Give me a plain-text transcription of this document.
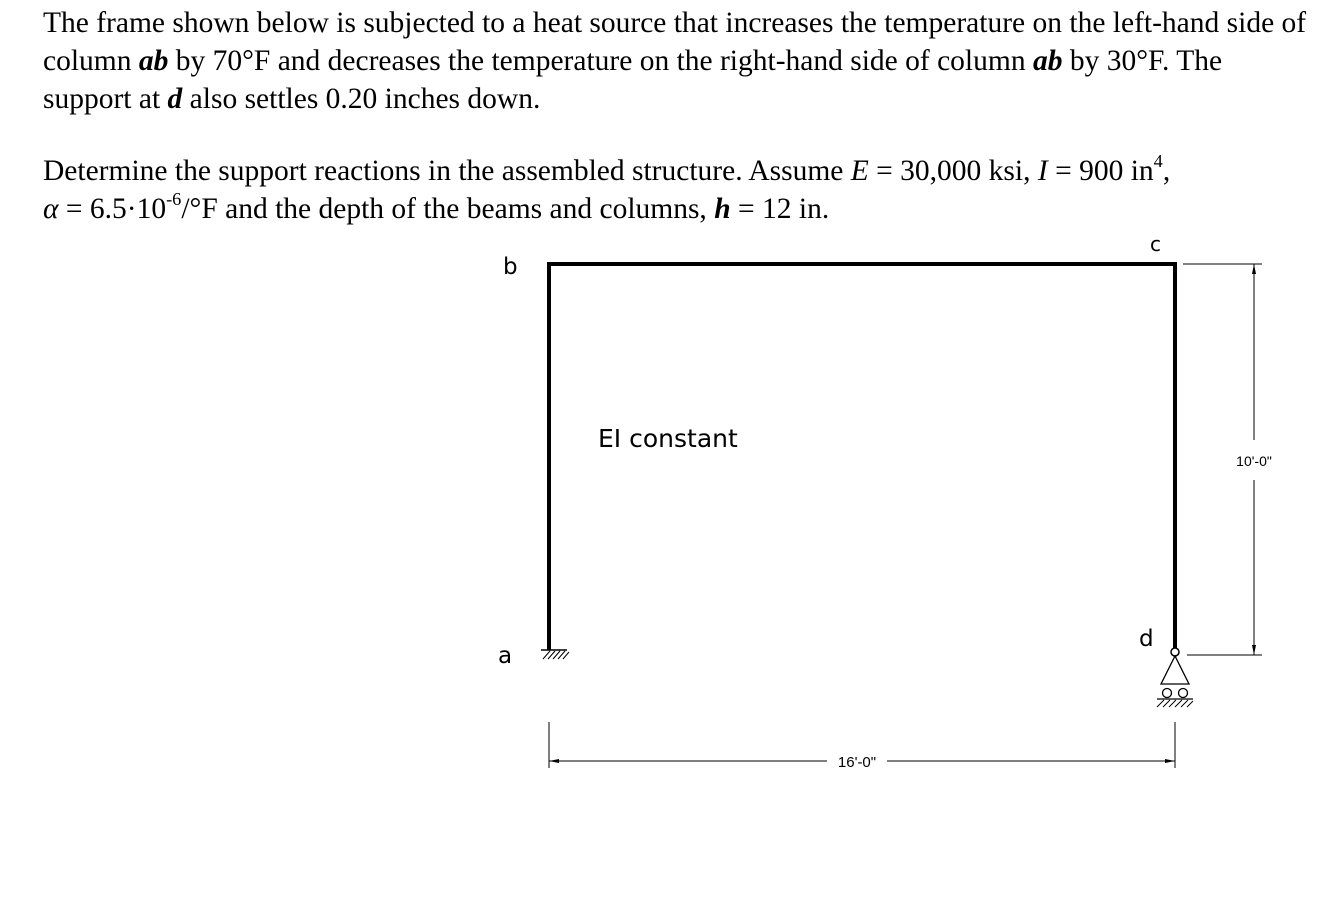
The frame shown below is subjected to a heat source that increases the temperature on the left-hand side of column ab by 70°F and decreases the temperature on the right-hand side of column ab by 30°F. The support at d also settles 0.20 inches down.

Determine the support reactions in the assembled structure. Assume E = 30,000 ksi, I = 900 $in^4$,
$\alpha = 6.5\cdot 10^{-6}/^\circ F$ and the depth of the beams and columns, h = 12 in.

a
b
c
d
EI constant
16'-0"
10'-0"
